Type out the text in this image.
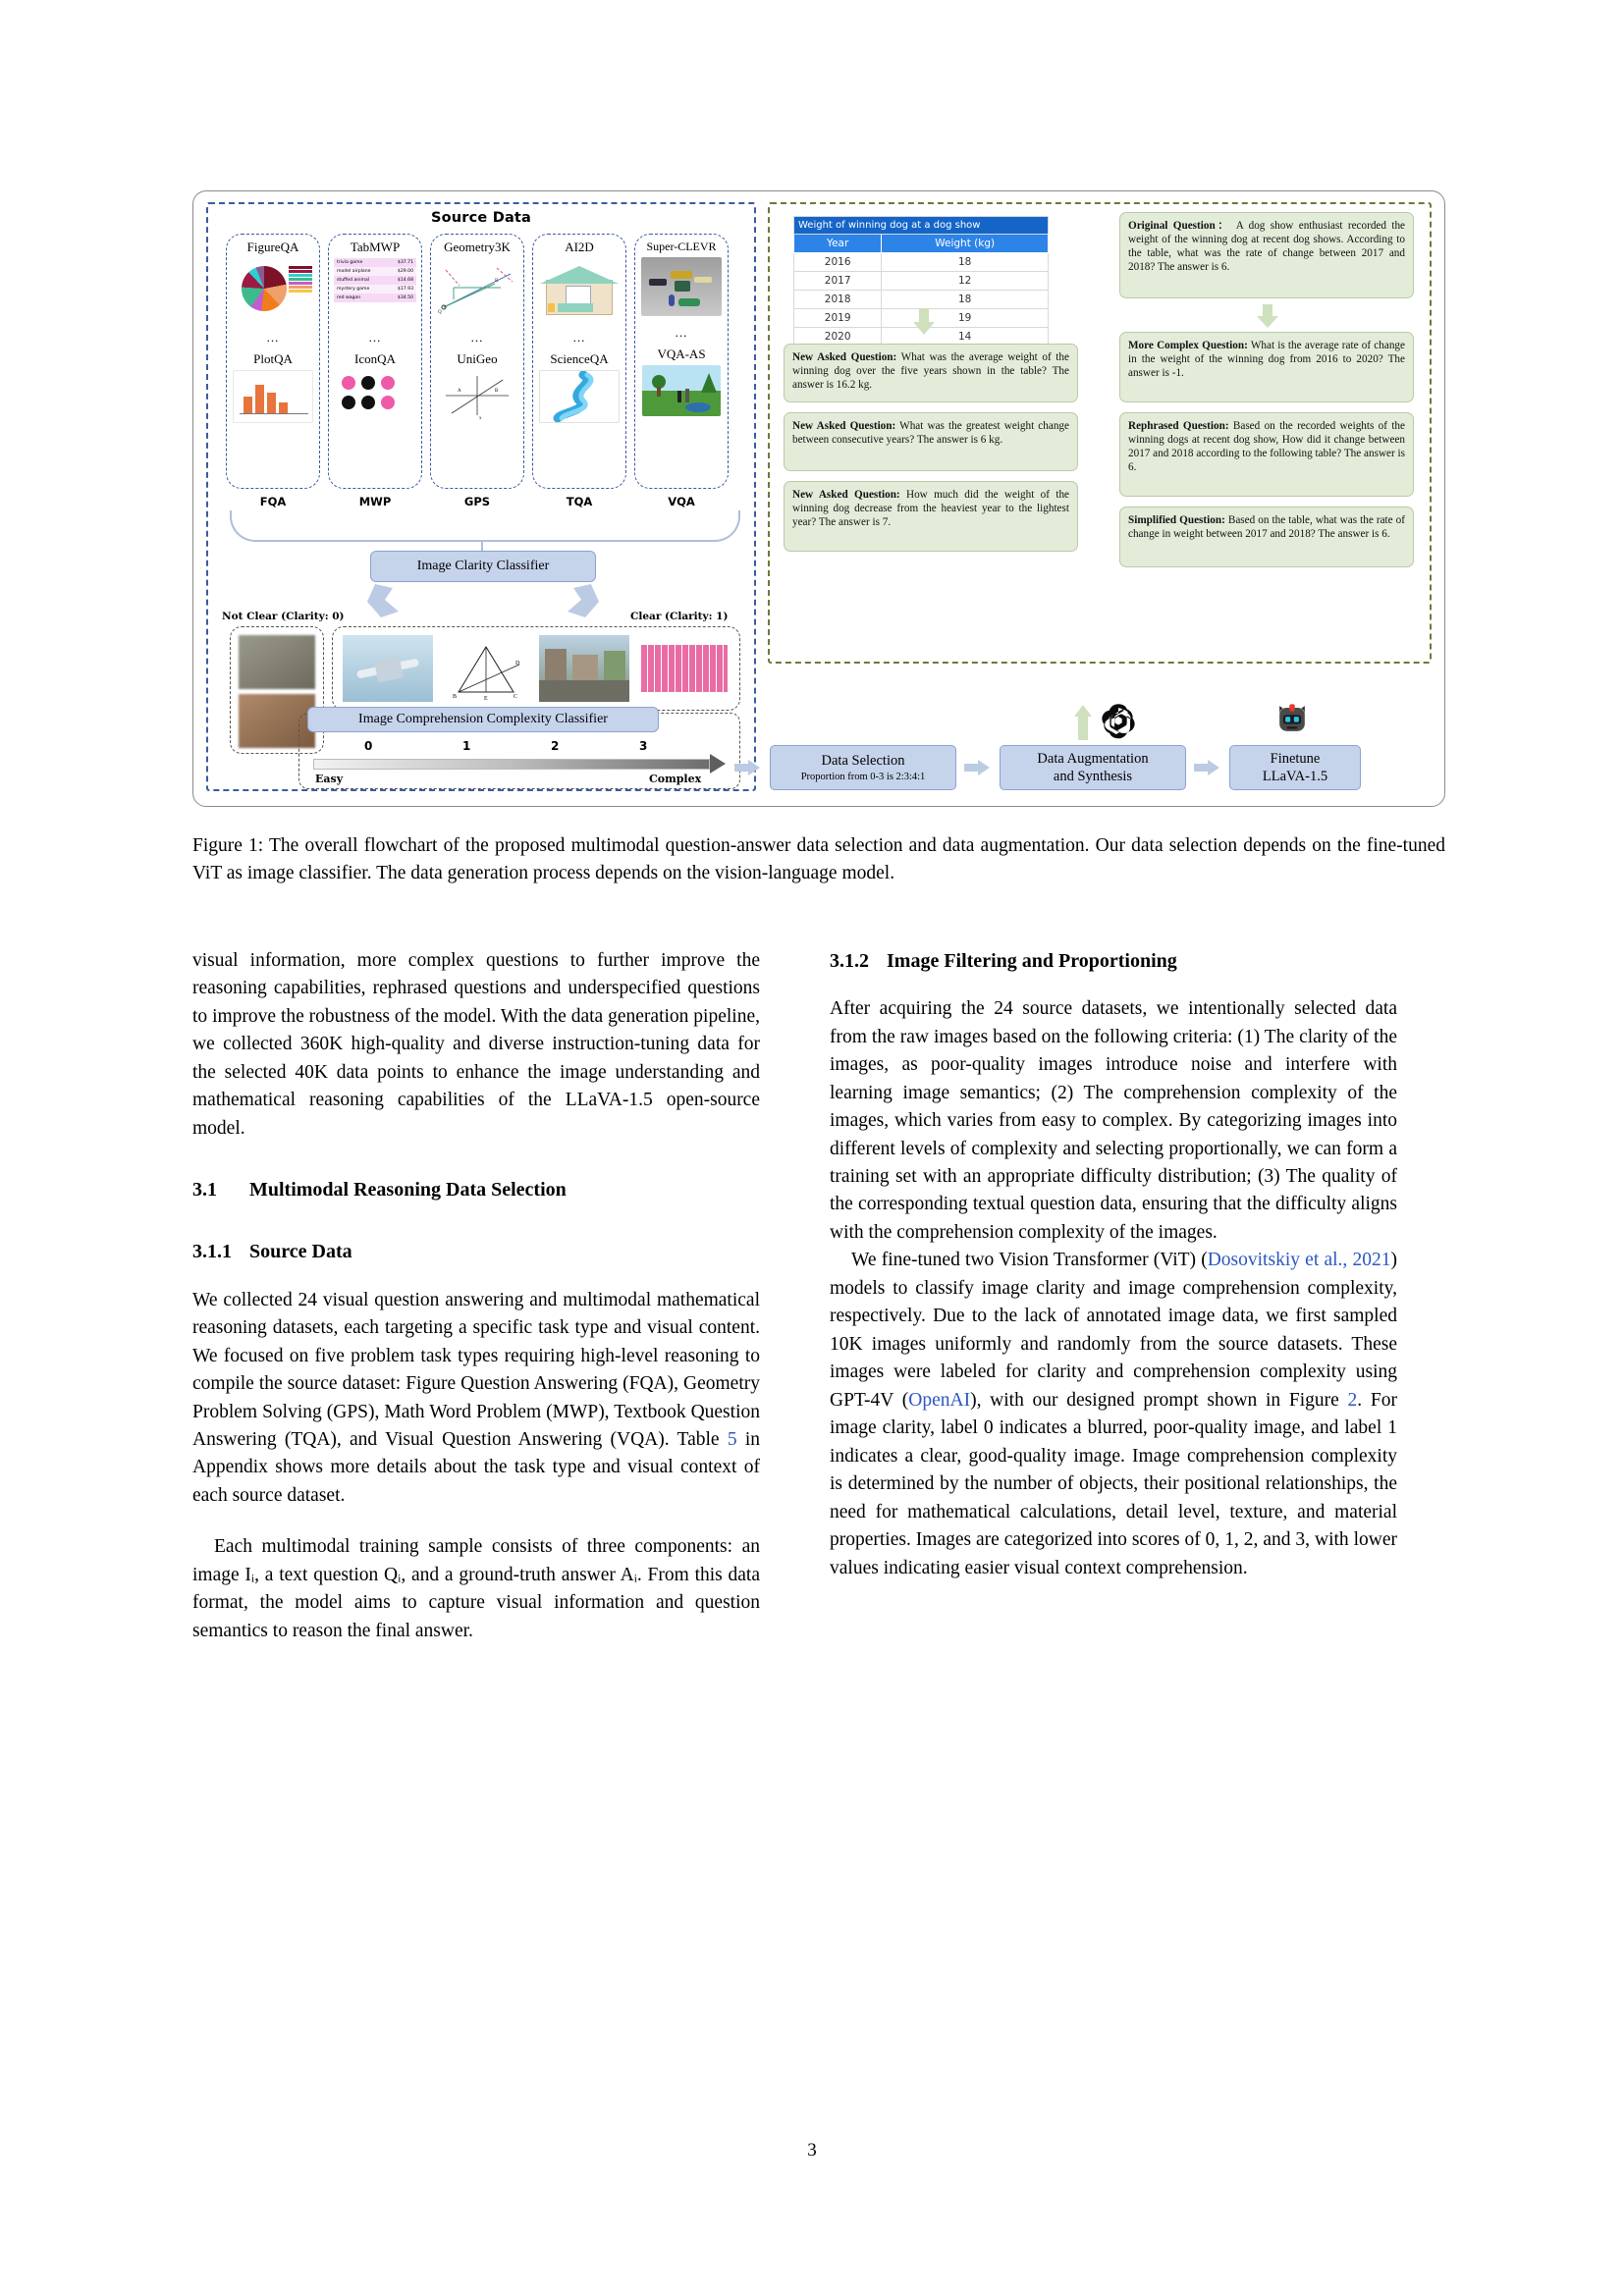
Source Data
FigureQA
...
PlotQA
TabMWP
trivia game	$37.71
model airplane	$29.00
stuffed animal	$14.68
mystery game	$17.93
red wagon	$34.50
...
IconQA
Geometry3K
B
Q
...
UniGeo
A	B
x
AI2D
...
ScienceQA
Super-CLEVR
...
VQA-AS
FQA	MWP	GPS	TQA	VQA
Image Clarity Classifier
Not Clear (Clarity: 0)	Clear (Clarity: 1)
D
B	E	C
Image Comprehension Complexity Classifier
0	1	2	3
Easy	Complex
Weight of winning dog at a dog show	
Year	Weight (kg)
2016	18
2017	12
2018	18
2019	19
2020	14
Original Question： A dog show enthusiast recorded the weight of the winning dog at recent dog shows. According to the table, what was the rate of change between 2017 and 2018? The answer is 6.
New Asked Question: What was the average weight of the winning dog over the five years shown in the table? The answer is 16.2 kg.
New Asked Question: What was the greatest weight change between consecutive years? The answer is 6 kg.
New Asked Question: How much did the weight of the winning dog decrease from the heaviest year to the lightest year? The answer is 7.
More Complex Question: What is the average rate of change in the weight of the winning dog from 2016 to 2020? The answer is -1.
Rephrased Question: Based on the recorded weights of the winning dogs at recent dog show, How did it change between 2017 and 2018 according to the following table? The answer is 6.
Simplified Question: Based on the table, what was the rate of change in weight between 2017 and 2018? The answer is 6.
Data Selection
Proportion from 0-3 is 2:3:4:1
Data Augmentation
and Synthesis
Finetune
LLaVA-1.5
Figure 1: The overall flowchart of the proposed multimodal question-answer data selection and data augmentation. Our data selection depends on the fine-tuned ViT as image classifier. The data generation process depends on the vision-language model.

visual information, more complex questions to further improve the reasoning capabilities, rephrased questions and underspecified questions to improve the robustness of the model. With the data generation pipeline, we collected 360K high-quality and diverse instruction-tuning data for the selected 40K data points to enhance the image understanding and mathematical reasoning capabilities of the LLaVA-1.5 open-source model.

3.1 Multimodal Reasoning Data Selection
3.1.1 Source Data

We collected 24 visual question answering and multimodal mathematical reasoning datasets, each targeting a specific task type and visual content. We focused on five problem task types requiring high-level reasoning to compile the source dataset: Figure Question Answering (FQA), Geometry Problem Solving (GPS), Math Word Problem (MWP), Textbook Question Answering (TQA), and Visual Question Answering (VQA). Table 5 in Appendix shows more details about the task type and visual context of each source dataset.

Each multimodal training sample consists of three components: an image Iᵢ, a text question Qᵢ, and a ground-truth answer Aᵢ. From this data format, the model aims to capture visual information and question semantics to reason the final answer.

3.1.2 Image Filtering and Proportioning

After acquiring the 24 source datasets, we intentionally selected data from the raw images based on the following criteria: (1) The clarity of the images, as poor-quality images introduce noise and interfere with learning image semantics; (2) The comprehension complexity of the images, which varies from easy to complex. By categorizing images into different levels of complexity and selecting proportionally, we can form a training set with an appropriate difficulty distribution; (3) The quality of the corresponding textual question data, ensuring that the difficulty aligns with the comprehension complexity of the images.

We fine-tuned two Vision Transformer (ViT) (Dosovitskiy et al., 2021) models to classify image clarity and image comprehension complexity, respectively. Due to the lack of annotated image data, we first sampled 10K images uniformly and randomly from the source datasets. These images were labeled for clarity and comprehension complexity using GPT-4V (OpenAI), with our designed prompt shown in Figure 2. For image clarity, label 0 indicates a blurred, poor-quality image, and label 1 indicates a clear, good-quality image. Image comprehension complexity is determined by the number of objects, their positional relationships, the need for mathematical calculations, detail level, texture, and material properties. Images are categorized into scores of 0, 1, 2, and 3, with lower values indicating easier visual context comprehension.

3
